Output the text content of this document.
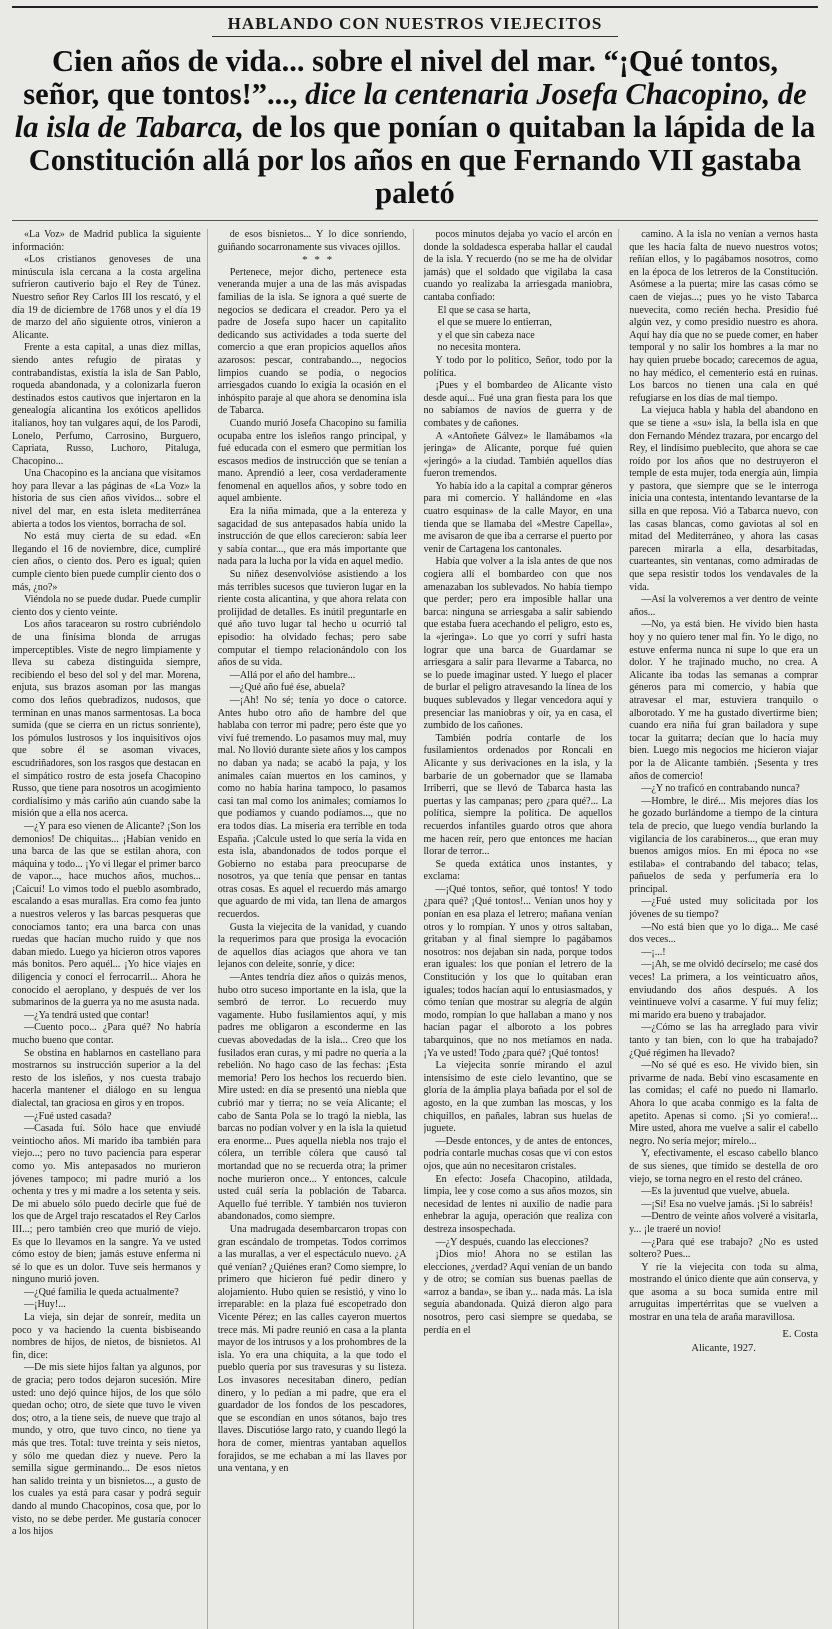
HABLANDO CON NUESTROS VIEJECITOS
Cien años de vida... sobre el nivel del mar. “¡Qué tontos, señor, que tontos!”..., dice la centenaria Josefa Chacopino, de la isla de Tabarca, de los que ponían o quitaban la lápida de la Constitución allá por los años en que Fernando VII gastaba paletó

«La Voz» de Madrid publica la siguiente información:

«Los cristianos genoveses de una minúscula isla cercana a la costa argelina sufrieron cautiverio bajo el Rey de Túnez. Nuestro señor Rey Carlos III los rescató, y el día 19 de diciembre de 1768 unos y el día 19 de marzo del año siguiente otros, vinieron a Alicante.

Frente a esta capital, a unas diez millas, siendo antes refugio de piratas y contrabandistas, existía la isla de San Pablo, roqueda abandonada, y a colonizarla fueron destinados estos cautivos que injertaron en la genealogía alicantina los exóticos apellidos italianos, hoy tan vulgares aquí, de los Parodi, Lonelo, Perfumo, Carrosino, Burguero, Capriata, Russo, Luchoro, Pitaluga, Chacopino...

Una Chacopino es la anciana que visitamos hoy para llevar a las páginas de «La Voz» la historia de sus cien años vividos... sobre el nivel del mar, en esta isleta mediterránea abierta a todos los vientos, borracha de sol.

No está muy cierta de su edad. «En llegando el 16 de noviembre, dice, cumpliré cien años, o ciento dos. Pero es igual; quien cumple ciento bien puede cumplir ciento dos o más, ¿no?»

Viéndola no se puede dudar. Puede cumplir ciento dos y ciento veinte.

Los años taracearon su rostro cubriéndolo de una finísima blonda de arrugas imperceptibles. Viste de negro limpiamente y lleva su cabeza distinguida siempre, recibiendo el beso del sol y del mar. Morena, enjuta, sus brazos asoman por las mangas como dos leños quebradizos, nudosos, que terminan en unas manos sarmentosas. La boca sumida (que se cierra en un rictus sonriente), los pómulos lustrosos y los inquisitivos ojos que sobre él se asoman vivaces, escudriñadores, son los rasgos que destacan en el simpático rostro de esta josefa Chacopino Russo, que tiene para nosotros un acogimiento cordialísimo y más cariño aún cuando sabe la misión que a ella nos acerca.

—¿Y para eso vienen de Alicante? ¡Son los demonios! De chiquitas... ¡Habían venido en una barca de las que se estilan ahora, con máquina y todo... ¡Yo vi llegar el primer barco de vapor..., hace muchos años, muchos... ¡Caicuí! Lo vimos todo el pueblo asombrado, escalando a esas murallas. Era como fea junto a nuestros veleros y las barcas pesqueras que conocíamos tanto; era una barca con unas ruedas que hacían mucho ruido y que nos daban miedo. Luego ya hicieron otros vapores más bonitos. Pero aquél... ¡Yo hice viajes en diligencia y conocí el ferrocarril... Ahora he conocido el aeroplano, y después de ver los submarinos de la guerra ya no me asusta nada.

—¿Ya tendrá usted que contar!

—Cuento poco... ¿Para qué? No habría mucho bueno que contar.

Se obstina en hablarnos en castellano para mostrarnos su instrucción superior a la del resto de los isleños, y nos cuesta trabajo hacerla mantener el diálogo en su lengua dialectal, tan graciosa en giros y en tropos.

—¿Fué usted casada?

—Casada fuí. Sólo hace que enviudé veintiocho años. Mi marido iba también para viejo...; pero no tuvo paciencia para esperar como yo. Mis antepasados no murieron jóvenes tampoco; mi padre murió a los ochenta y tres y mi madre a los setenta y seis. De mi abuelo sólo puedo decirle que fué de los que de Argel trajo rescatados el Rey Carlos III...; pero también creo que murió de viejo. Es que lo llevamos en la sangre. Ya ve usted cómo estoy de bien; jamás estuve enferma ni sé lo que es un dolor. Tuve seis hermanos y ninguno murió joven.

—¿Qué familia le queda actualmente?

—¡Huy!...

La vieja, sin dejar de sonreír, medita un poco y va haciendo la cuenta bisbiseando nombres de hijos, de nietos, de bisnietos. Al fin, dice:

—De mis siete hijos faltan ya algunos, por de gracia; pero todos dejaron sucesión. Mire usted: uno dejó quince hijos, de los que sólo quedan ocho; otro, de siete que tuvo le viven dos; otro, a la tiene seis, de nueve que trajo al mundo, y otro, que tuvo cinco, no tiene ya más que tres. Total: tuve treinta y seis nietos, y sólo me quedan diez y nueve. Pero la semilla sigue germinando... De esos nietos han salido treinta y un bisnietos..., a gusto de los cuales ya está para casar y podrá seguir dando al mundo Chacopinos, cosa que, por lo visto, no se debe perder. Me gustaría conocer a los hijos

de esos bisnietos... Y lo dice sonriendo, guiñando socarronamente sus vivaces ojillos.

* * *

Pertenece, mejor dicho, pertenece esta veneranda mujer a una de las más avispadas familias de la isla. Se ignora a qué suerte de negocios se dedicara el creador. Pero ya el padre de Josefa supo hacer un capitalito dedicando sus actividades a toda suerte del comercio a que eran propicios aquellos años azarosos: pescar, contrabando..., negocios limpios cuando se podía, o negocios arriesgados cuando lo exigía la ocasión en el inhóspito paraje al que ahora se denomina isla de Tabarca.

Cuando murió Josefa Chacopino su familia ocupaba entre los isleños rango principal, y fué educada con el esmero que permitían los escasos medios de instrucción que se tenían a mano. Aprendió a leer, cosa verdaderamente fenomenal en aquellos años, y sobre todo en aquel ambiente.

Era la niña mimada, que a la entereza y sagacidad de sus antepasados había unido la instrucción de que ellos carecieron: sabía leer y sabía contar..., que era más importante que nada para la lucha por la vida en aquel medio.

Su niñez desenvolvióse asistiendo a los más terribles sucesos que tuvieron lugar en la riente costa alicantina, y que ahora relata con prolijidad de detalles. Es inútil preguntarle en qué año tuvo lugar tal hecho u ocurrió tal episodio: ha olvidado fechas; pero sabe computar el tiempo relacionándolo con los años de su vida.

—Allá por el año del hambre...

—¿Qué año fué ése, abuela?

—¡Ah! No sé; tenía yo doce o catorce. Antes hubo otro año de hambre del que hablaba con terror mi padre; pero éste que yo viví fué tremendo. Lo pasamos muy mal, muy mal. No llovió durante siete años y los campos no daban ya nada; se acabó la paja, y los animales caían muertos en los caminos, y como no había harina tampoco, lo pasamos casi tan mal como los animales; comíamos lo que podíamos y cuando podíamos..., que no era todos días. La miseria era terrible en toda España. ¡Calcule usted lo que sería la vida en esta isla, abandonados de todos porque el Gobierno no estaba para preocuparse de nosotros, ya que tenía que pensar en tantas otras cosas. Es aquel el recuerdo más amargo que aguardo de mi vida, tan llena de amargos recuerdos.

Gusta la viejecita de la vanidad, y cuando la requerimos para que prosiga la evocación de aquellos días aciagos que ahora ve tan lejanos con deleite, sonríe, y dice:

—Antes tendría diez años o quizás menos, hubo otro suceso importante en la isla, que la sembró de terror. Lo recuerdo muy vagamente. Hubo fusilamientos aquí, y mis padres me obligaron a esconderme en las cuevas abovedadas de la isla... Creo que los fusilados eran curas, y mi padre no quería a la rebelión. No hago caso de las fechas: ¡Esta memoria! Pero los hechos los recuerdo bien. Mire usted: en día se presentó una niebla que cubrió mar y tierra; no se veía Alicante; el cabo de Santa Pola se lo tragó la niebla, las barcas no podían volver y en la isla la quietud era enorme... Pues aquella niebla nos trajo el cólera, un terrible cólera que causó tal mortandad que no se recuerda otra; la primer noche murieron once... Y entonces, calcule usted cuál sería la población de Tabarca. Aquello fué terrible. Y también nos tuvieron abandonados, como siempre.

Una madrugada desembarcaron tropas con gran escándalo de trompetas. Todos corrimos a las murallas, a ver el espectáculo nuevo. ¿A qué venían? ¿Quiénes eran? Como siempre, lo primero que hicieron fué pedir dinero y alojamiento. Hubo quien se resistió, y vino lo irreparable: en la plaza fué escopetrado don Vicente Pérez; en las calles cayeron muertos trece más. Mi padre reunió en casa a la planta mayor de los intrusos y a los prohombres de la isla. Yo era una chiquita, a la que todo el pueblo quería por sus travesuras y su listeza. Los invasores necesitaban dinero, pedían dinero, y lo pedían a mi padre, que era el guardador de los fondos de los pescadores, que se escondían en unos sótanos, bajo tres llaves. Discutióse largo rato, y cuando llegó la hora de comer, mientras yantaban aquellos forajidos, se me echaban a mí las llaves por una ventana, y en

pocos minutos dejaba yo vacío el arcón en donde la soldadesca esperaba hallar el caudal de la isla. Y recuerdo (no se me ha de olvidar jamás) que el soldado que vigilaba la casa cuando yo realizaba la arriesgada maniobra, cantaba confiado:

El que se casa se harta,

el que se muere lo entierran,

y el que sin cabeza nace

no necesita montera.

Y todo por lo político, Señor, todo por la política.

¡Pues y el bombardeo de Alicante visto desde aquí... Fué una gran fiesta para los que no sabíamos de navíos de guerra y de combates y de cañones.

A «Antoñete Gálvez» le llamábamos «la jeringa» de Alicante, porque fué quien «jeringó» a la ciudad. También aquellos días fueron tremendos.

Yo había ido a la capital a comprar géneros para mi comercio. Y hallándome en «las cuatro esquinas» de la calle Mayor, en una tienda que se llamaba del «Mestre Capella», me avisaron de que iba a cerrarse el puerto por venir de Cartagena los cantonales.

Había que volver a la isla antes de que nos cogiera allí el bombardeo con que nos amenazaban los sublevados. No había tiempo que perder; pero era imposible hallar una barca: ninguna se arriesgaba a salir sabiendo que estaba fuera acechando el peligro, esto es, la «jeringa». Lo que yo corrí y sufrí hasta lograr que una barca de Guardamar se arriesgara a salir para llevarme a Tabarca, no se lo puede imaginar usted. Y luego el placer de burlar el peligro atravesando la línea de los buques sublevados y llegar vencedora aquí y presenciar las maniobras y oír, ya en casa, el zumbido de los cañones.

También podría contarle de los fusilamientos ordenados por Roncali en Alicante y sus derivaciones en la isla, y la barbarie de un gobernador que se llamaba Irriberri, que se llevó de Tabarca hasta las puertas y las campanas; pero ¿para qué?... La política, siempre la política. De aquellos recuerdos infantiles guardo otros que ahora me hacen reír, pero que entonces me hacían llorar de terror...

Se queda extática unos instantes, y exclama:

—¡Qué tontos, señor, qué tontos! Y todo ¿para qué? ¡Qué tontos!... Venían unos hoy y ponían en esa plaza el letrero; mañana venían otros y lo rompían. Y unos y otros saltaban, gritaban y al final siempre lo pagábamos nosotros: nos dejaban sin nada, porque todos eran iguales: los que ponían el letrero de la Constitución y los que lo quitaban eran iguales; todos hacían aquí lo entusiasmados, y cómo tenían que mostrar su alegría de algún modo, rompían lo que hallaban a mano y nos hacían pagar el alboroto a los pobres tabarquinos, que no nos metíamos en nada. ¡Ya ve usted! Todo ¿para qué? ¡Qué tontos!

La viejecita sonríe mirando el azul intensísimo de este cielo levantino, que se gloría de la ámplia playa bañada por el sol de agosto, en la que zumban las moscas, y los chiquillos, en pañales, labran sus huelas de juguete.

—Desde entonces, y de antes de entonces, podría contarle muchas cosas que vi con estos ojos, que aún no necesitaron cristales.

En efecto: Josefa Chacopino, atildada, limpia, lee y cose como a sus años mozos, sin necesidad de lentes ni auxilio de nadie para enhebrar la aguja, operación que realiza con destreza insospechada.

—¿Y después, cuando las elecciones?

¡Dios mío! Ahora no se estilan las elecciones, ¿verdad? Aquí venían de un bando y de otro; se comían sus buenas paellas de «arroz a banda», se iban y... nada más. La isla seguía abandonada. Quizá dieron algo para nosotros, pero casi siempre se quedaba, se perdía en el

camino. A la isla no venían a vernos hasta que les hacía falta de nuevo nuestros votos; reñían ellos, y lo pagábamos nosotros, como en la época de los letreros de la Constitución. Asómese a la puerta; mire las casas cómo se caen de viejas...; pues yo he visto Tabarca nuevecita, como recién hecha. Presidio fué algún vez, y como presidio nuestro es ahora. Aquí hay día que no se puede comer, en haber temporal y no salir los hombres a la mar no hay quien pruebe bocado; carecemos de agua, no hay médico, el cementerio está en ruinas. Los barcos no tienen una cala en qué refugiarse en los días de mal tiempo.

La viejuca habla y habla del abandono en que se tiene a «su» isla, la bella isla en que don Fernando Méndez trazara, por encargo del Rey, el lindísimo pueblecito, que ahora se cae roído por los años que no destruyeron el temple de esta mujer, toda energía aún, limpia y pastora, que siempre que se le interroga inicia una contesta, intentando levantarse de la silla en que reposa. Vió a Tabarca nuevo, con las casas blancas, como gaviotas al sol en mitad del Mediterráneo, y ahora las casas parecen mirarla a ella, desarbitadas, cuarteantes, sin ventanas, como admiradas de que sepa resistir todos los vendavales de la vida.

—Así la volveremos a ver dentro de veinte años...

—No, ya está bien. He vivido bien hasta hoy y no quiero tener mal fin. Yo le digo, no estuve enferma nunca ni supe lo que era un dolor. Y he trajinado mucho, no crea. A Alicante iba todas las semanas a comprar géneros para mi comercio, y había que atravesar el mar, estuviera tranquilo o alborotado. Y me ha gustado divertirme bien; cuando era niña fuí gran bailadora y supe tocar la guitarra; decían que lo hacía muy bien. Luego mis negocios me hicieron viajar por la de Alicante también. ¡Sesenta y tres años de comercio!

—¿Y no traficó en contrabando nunca?

—Hombre, le diré... Mis mejores días los he gozado burlándome a tiempo de la cintura tela de precio, que luego vendía burlando la vigilancia de los carabineros..., que eran muy buenos amigos míos. En mi época no «se estilaba» el contrabando del tabaco; telas, pañuelos de seda y perfumería era lo principal.

—¿Fué usted muy solicitada por los jóvenes de su tiempo?

—No está bien que yo lo diga... Me casé dos veces...

—¡...!

—¡Ah, se me olvidó decírselo; me casé dos veces! La primera, a los veinticuatro años, enviudando dos años después. A los veintinueve volví a casarme. Y fuí muy feliz; mi marido era bueno y trabajador.

—¿Cómo se las ha arreglado para vivir tanto y tan bien, con lo que ha trabajado? ¿Qué régimen ha llevado?

—No sé qué es eso. He vivido bien, sin privarme de nada. Bebí vino escasamente en las comidas; el café no puedo ni llamarlo. Ahora lo que acaba conmigo es la falta de apetito. Apenas si como. ¡Si yo comiera!... Mire usted, ahora me vuelve a salir el cabello negro. No sería mejor; mírelo...

Y, efectivamente, el escaso cabello blanco de sus sienes, que tímido se destella de oro viejo, se torna negro en el resto del cráneo.

—Es la juventud que vuelve, abuela.

—¡Sí! Esa no vuelve jamás. ¡Si lo sabréis!

—Dentro de veinte años volveré a visitarla, y... ¡le traeré un novio!

—¿Para qué ese trabajo? ¿No es usted soltero? Pues...

Y ríe la viejecita con toda su alma, mostrando el único diente que aún conserva, y que asoma a su boca sumida entre mil arruguitas impertérritas que se vuelven a mostrar en una tela de araña maravillosa.

E. Costa
Alicante, 1927.
